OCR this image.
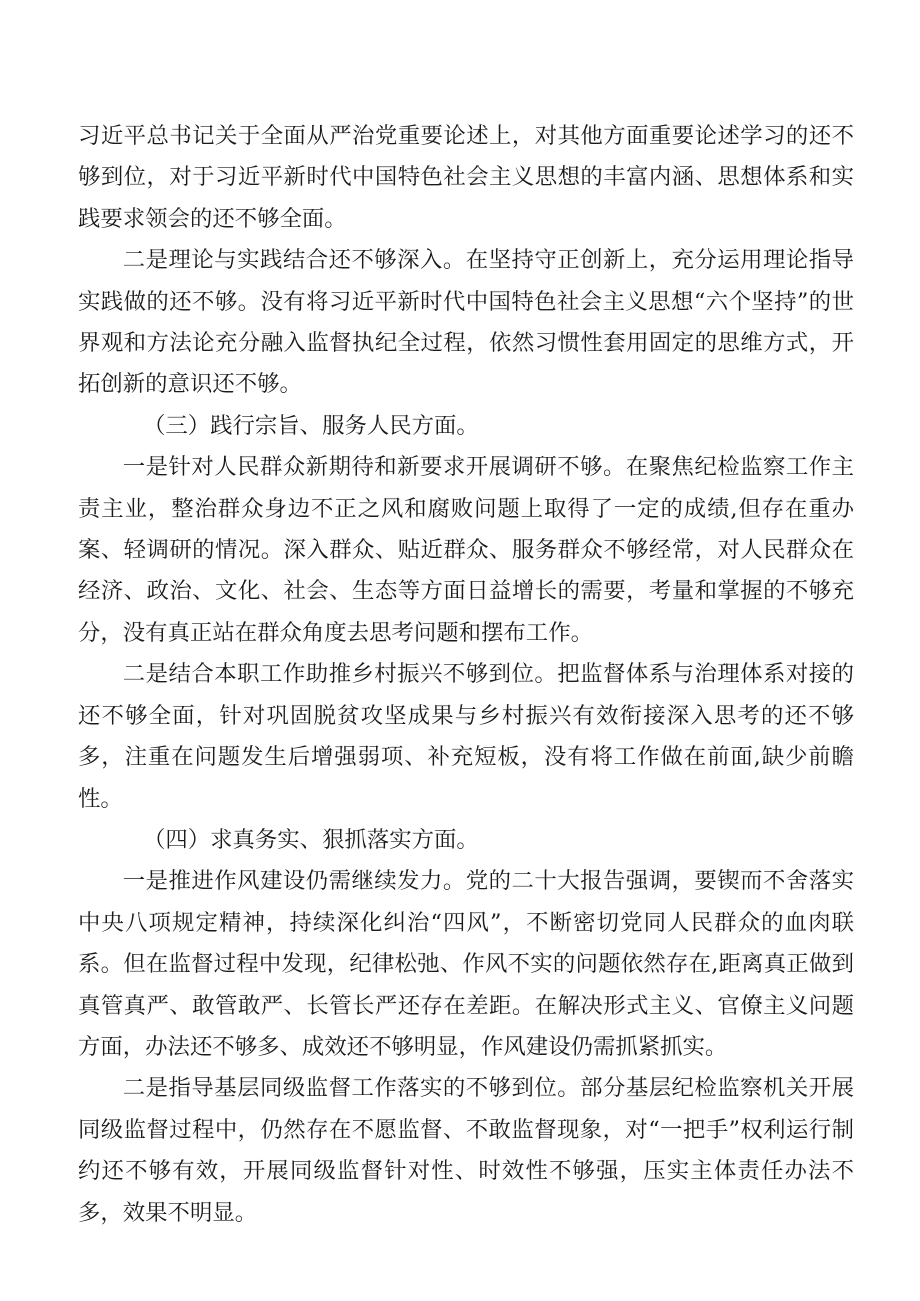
习近平总书记关于全面从严治党重要论述上，对其他方面重要论述学习的还不够到位，对于习近平新时代中国特色社会主义思想的丰富内涵、思想体系和实践要求领会的还不够全面。

二是理论与实践结合还不够深入。在坚持守正创新上，充分运用理论指导实践做的还不够。没有将习近平新时代中国特色社会主义思想“六个坚持”的世界观和方法论充分融入监督执纪全过程，依然习惯性套用固定的思维方式，开拓创新的意识还不够。

（三）践行宗旨、服务人民方面。

一是针对人民群众新期待和新要求开展调研不够。在聚焦纪检监察工作主责主业，整治群众身边不正之风和腐败问题上取得了一定的成绩,但存在重办案、轻调研的情况。深入群众、贴近群众、服务群众不够经常，对人民群众在经济、政治、文化、社会、生态等方面日益增长的需要，考量和掌握的不够充分，没有真正站在群众角度去思考问题和摆布工作。

二是结合本职工作助推乡村振兴不够到位。把监督体系与治理体系对接的还不够全面，针对巩固脱贫攻坚成果与乡村振兴有效衔接深入思考的还不够多，注重在问题发生后增强弱项、补充短板，没有将工作做在前面,缺少前瞻性。

（四）求真务实、狠抓落实方面。

一是推进作风建设仍需继续发力。党的二十大报告强调，要锲而不舍落实中央八项规定精神，持续深化纠治“四风”，不断密切党同人民群众的血肉联系。但在监督过程中发现，纪律松弛、作风不实的问题依然存在,距离真正做到真管真严、敢管敢严、长管长严还存在差距。在解决形式主义、官僚主义问题方面，办法还不够多、成效还不够明显，作风建设仍需抓紧抓实。

二是指导基层同级监督工作落实的不够到位。部分基层纪检监察机关开展同级监督过程中，仍然存在不愿监督、不敢监督现象，对“一把手”权利运行制约还不够有效，开展同级监督针对性、时效性不够强，压实主体责任办法不多，效果不明显。
